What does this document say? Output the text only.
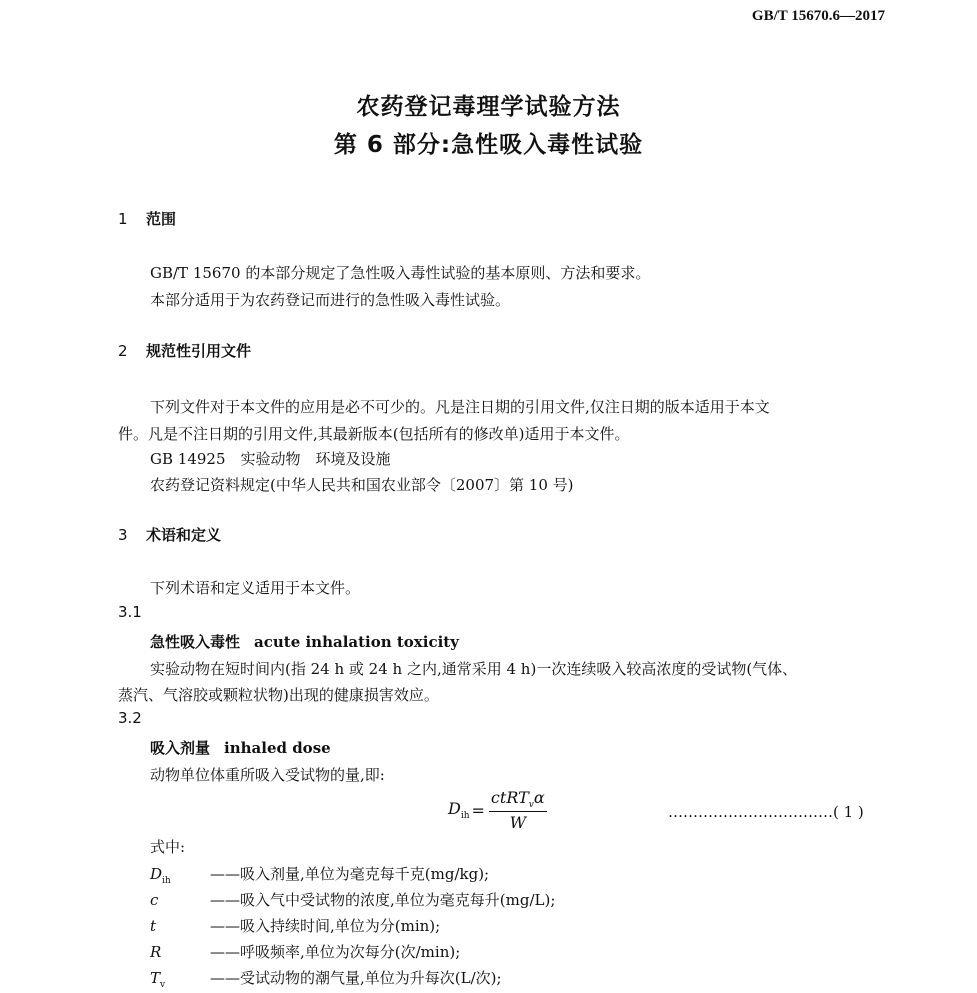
GB/T 15670.6—2017
农药登记毒理学试验方法
第 6 部分:急性吸入毒性试验
1 范围
GB/T 15670 的本部分规定了急性吸入毒性试验的基本原则、方法和要求。
本部分适用于为农药登记而进行的急性吸入毒性试验。
2 规范性引用文件
下列文件对于本文件的应用是必不可少的。凡是注日期的引用文件,仅注日期的版本适用于本文
件。凡是不注日期的引用文件,其最新版本(包括所有的修改单)适用于本文件。
GB 14925　实验动物　环境及设施
农药登记资料规定(中华人民共和国农业部令〔2007〕第 10 号)
3 术语和定义
下列术语和定义适用于本文件。
3.1
急性吸入毒性 acute inhalation toxicity
实验动物在短时间内(指 24 h 或 24 h 之内,通常采用 4 h)一次连续吸入较高浓度的受试物(气体、
蒸汽、气溶胶或颗粒状物)出现的健康损害效应。
3.2
吸入剂量 inhaled dose
动物单位体重所吸入受试物的量,即:
$D_{ih} = \frac{ctRT_v\alpha}{W}$	……………………………( 1 )
式中:
$D_{ih}$	——吸入剂量,单位为毫克每千克(mg/kg);
c	——吸入气中受试物的浓度,单位为毫克每升(mg/L);
t	——吸入持续时间,单位为分(min);
R	——呼吸频率,单位为次每分(次/min);
$T_v$	——受试动物的潮气量,单位为升每次(L/次);
